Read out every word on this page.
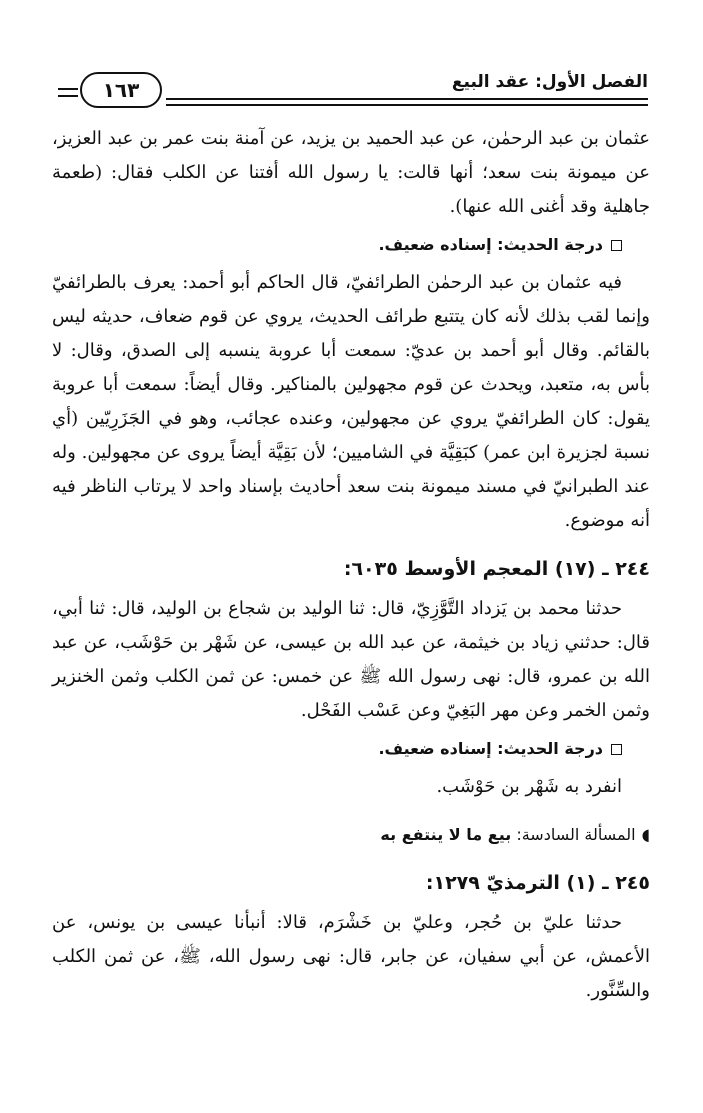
١٦٣	الفصل الأول: عقد البيع

عثمان بن عبد الرحمٰن، عن عبد الحميد بن يزيد، عن آمنة بنت عمر بن عبد العزيز، عن ميمونة بنت سعد؛ أنها قالت: يا رسول الله أفتنا عن الكلب فقال: (طعمة جاهلية وقد أغنى الله عنها).

درجة الحديث: إسناده ضعيف.

فيه عثمان بن عبد الرحمٰن الطرائفيّ، قال الحاكم أبو أحمد: يعرف بالطرائفيّ وإنما لقب بذلك لأنه كان يتتبع طرائف الحديث، يروي عن قوم ضعاف، حديثه ليس بالقائم. وقال أبو أحمد بن عديّ: سمعت أبا عروبة ينسبه إلى الصدق، وقال: لا بأس به، متعبد، ويحدث عن قوم مجهولين بالمناكير. وقال أيضاً: سمعت أبا عروبة يقول: كان الطرائفيّ يروي عن مجهولين، وعنده عجائب، وهو في الجَزَرِيّين (أي نسبة لجزيرة ابن عمر) كبَقِيَّة في الشاميين؛ لأن بَقِيَّة أيضاً يروى عن مجهولين. وله عند الطبرانيّ في مسند ميمونة بنت سعد أحاديث بإسناد واحد لا يرتاب الناظر فيه أنه موضوع.

٢٤٤ ـ (١٧) المعجم الأوسط ٦٠٣٥:

حدثنا محمد بن يَزداد التَّوَّزِيّ، قال: ثنا الوليد بن شجاع بن الوليد، قال: ثنا أبي، قال: حدثني زياد بن خيثمة، عن عبد الله بن عيسى، عن شَهْر بن حَوْشَب، عن عبد الله بن عمرو، قال: نهى رسول الله ﷺ عن خمس: عن ثمن الكلب وثمن الخنزير وثمن الخمر وعن مهر البَغِيّ وعن عَسْب الفَحْل.

درجة الحديث: إسناده ضعيف.

انفرد به شَهْر بن حَوْشَب.

◖المسألة السادسة: بيع ما لا ينتفع به

٢٤٥ ـ (١) الترمذيّ ١٢٧٩:

حدثنا عليّ بن حُجر، وعليّ بن خَشْرَم، قالا: أنبأنا عيسى بن يونس، عن الأعمش، عن أبي سفيان، عن جابر، قال: نهى رسول الله، ﷺ، عن ثمن الكلب والسِّنَّور.
